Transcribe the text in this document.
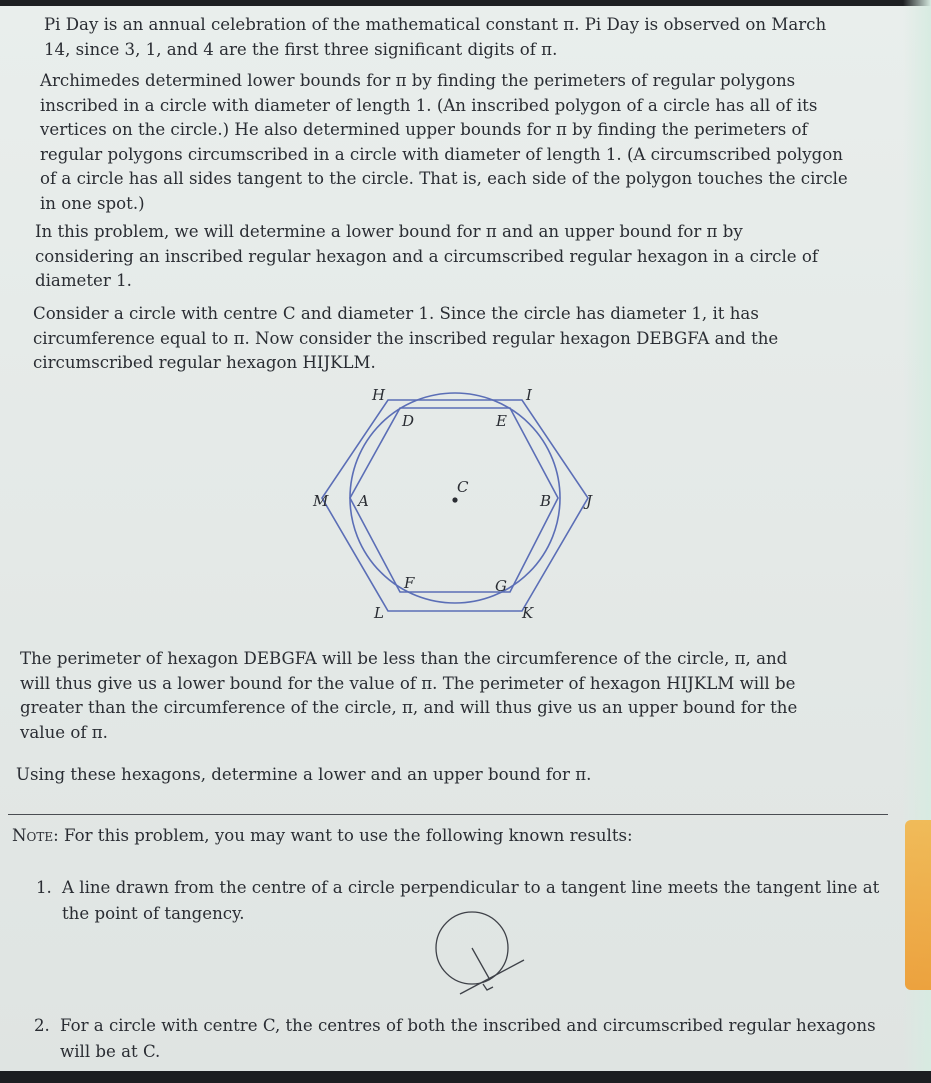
Pi Day is an annual celebration of the mathematical constant π. Pi Day is observed on March
14, since 3, 1, and 4 are the first three significant digits of π.

Archimedes determined lower bounds for π by finding the perimeters of regular polygons
inscribed in a circle with diameter of length 1. (An inscribed polygon of a circle has all of its
vertices on the circle.) He also determined upper bounds for π by finding the perimeters of
regular polygons circumscribed in a circle with diameter of length 1. (A circumscribed polygon
of a circle has all sides tangent to the circle. That is, each side of the polygon touches the circle
in one spot.)

In this problem, we will determine a lower bound for π and an upper bound for π by
considering an inscribed regular hexagon and a circumscribed regular hexagon in a circle of
diameter 1.

Consider a circle with centre C and diameter 1. Since the circle has diameter 1, it has
circumference equal to π. Now consider the inscribed regular hexagon DEBGFA and the
circumscribed regular hexagon HIJKLM.

H	I
J
K
L
M
D	E
B
G
F
A
C

The perimeter of hexagon DEBGFA will be less than the circumference of the circle, π, and
will thus give us a lower bound for the value of π. The perimeter of hexagon HIJKLM will be
greater than the circumference of the circle, π, and will thus give us an upper bound for the
value of π.

Using these hexagons, determine a lower and an upper bound for π.

Note: For this problem, you may want to use the following known results:
1. A line drawn from the centre of a circle perpendicular to a tangent line meets the tangent line at
the point of tangency.
2. For a circle with centre C, the centres of both the inscribed and circumscribed regular hexagons
will be at C.
